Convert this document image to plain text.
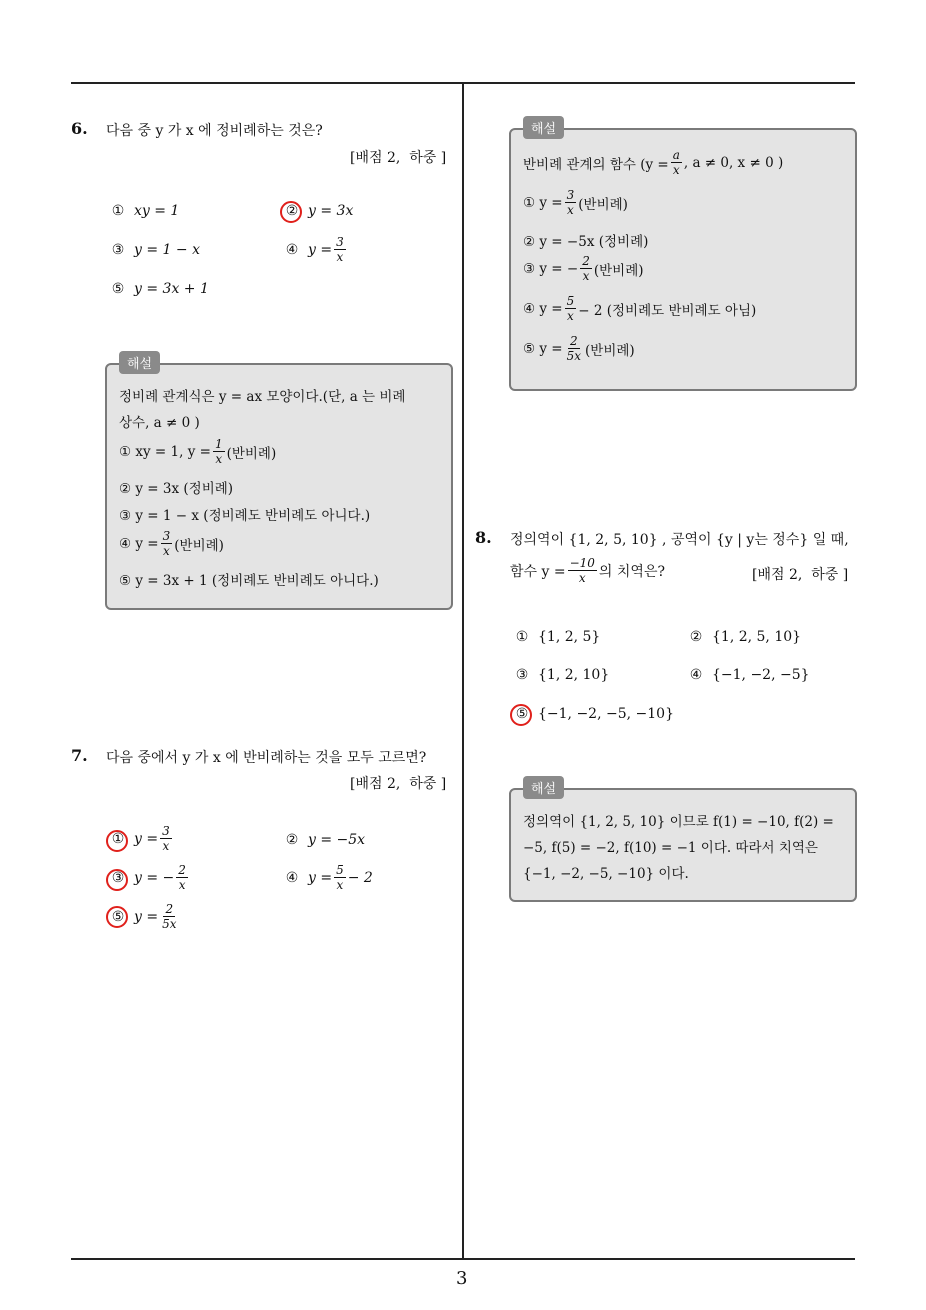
3
6. 다음 중 y 가 x 에 정비례하는 것은?
[배점 2,  하중 ]
① xy = 1	② y = 3x
③ y = 1 − x	④ $y = \frac{3}{x}$
⑤ y = 3x + 1
해설
정비례 관계식은 y = ax 모양이다.(단, a 는 비례
상수, a ≠ 0 )
① xy = 1, $y = \frac{1}{x}$ (반비례)
② y = 3x (정비례)
③ y = 1 − x (정비례도 반비례도 아니다.)
④ $y = \frac{3}{x}$ (반비례)
⑤ y = 3x + 1 (정비례도 반비례도 아니다.)
7. 다음 중에서 y 가 x 에 반비례하는 것을 모두 고르면?
[배점 2,  하중 ]
① $y = \frac{3}{x}$	② y = −5x
③ y = − $\frac{2}{x}$	④ $y = \frac{5}{x} - 2$
⑤ $y = \frac{2}{5x}$
해설
반비례 관계의 함수 ($y = \frac{a}{x}$ , a ≠ 0, x ≠ 0 )
① $y = \frac{3}{x}$ (반비례)
② y = −5x (정비례)
③ y = − $\frac{2}{x}$ (반비례)
④ $y = \frac{5}{x} - 2$ (정비례도 반비례도 아님)
⑤ $y = \frac{2}{5x}$ (반비례)
8. 정의역이 {1, 2, 5, 10} , 공역이 {y | y는 정수} 일 때,
함수 $y = \frac{-10}{x}$ 의 치역은?	[배점 2,  하중 ]
① {1, 2, 5}	② {1, 2, 5, 10}
③ {1, 2, 10}	④ {−1, −2, −5}
⑤ {−1, −2, −5, −10}
해설
정의역이 {1, 2, 5, 10} 이므로 f(1) = −10, f(2) =
−5, f(5) = −2, f(10) = −1 이다. 따라서 치역은
{−1, −2, −5, −10} 이다.
